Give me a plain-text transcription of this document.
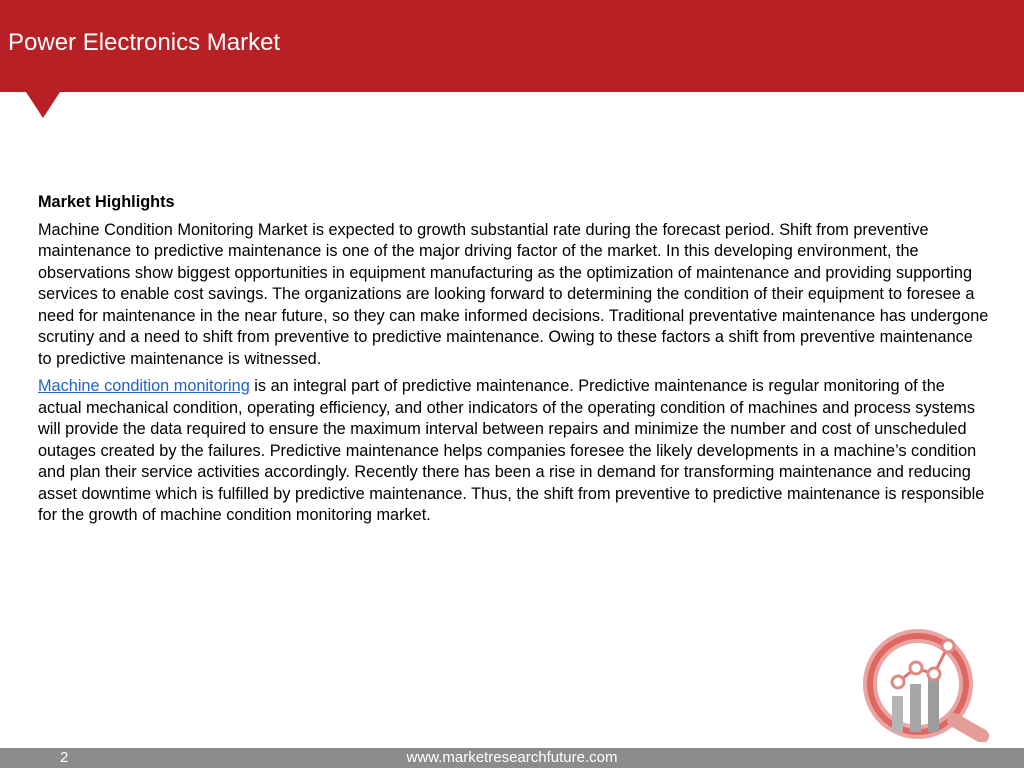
Power Electronics Market

Market Highlights

Machine Condition Monitoring Market is expected to growth substantial rate during the forecast period. Shift from preventive maintenance to predictive maintenance is one of the major driving factor of the market. In this developing environment, the observations show biggest opportunities in equipment manufacturing as the optimization of maintenance and providing supporting services to enable cost savings. The organizations are looking forward to determining the condition of their equipment to foresee a need for maintenance in the near future, so they can make informed decisions. Traditional preventative maintenance has undergone scrutiny and a need to shift from preventive to predictive maintenance. Owing to these factors a shift from preventive maintenance to predictive maintenance is witnessed.

Machine condition monitoring is an integral part of predictive maintenance. Predictive maintenance is regular monitoring of the actual mechanical condition, operating efficiency, and other indicators of the operating condition of machines and process systems will provide the data required to ensure the maximum interval between repairs and minimize the number and cost of unscheduled outages created by the failures. Predictive maintenance helps companies foresee the likely developments in a machine’s condition and plan their service activities accordingly. Recently there has been a rise in demand for transforming maintenance and reducing asset downtime which is fulfilled by predictive maintenance. Thus, the shift from preventive to predictive maintenance is responsible for the growth of machine condition monitoring market.

2	www.marketresearchfuture.com
